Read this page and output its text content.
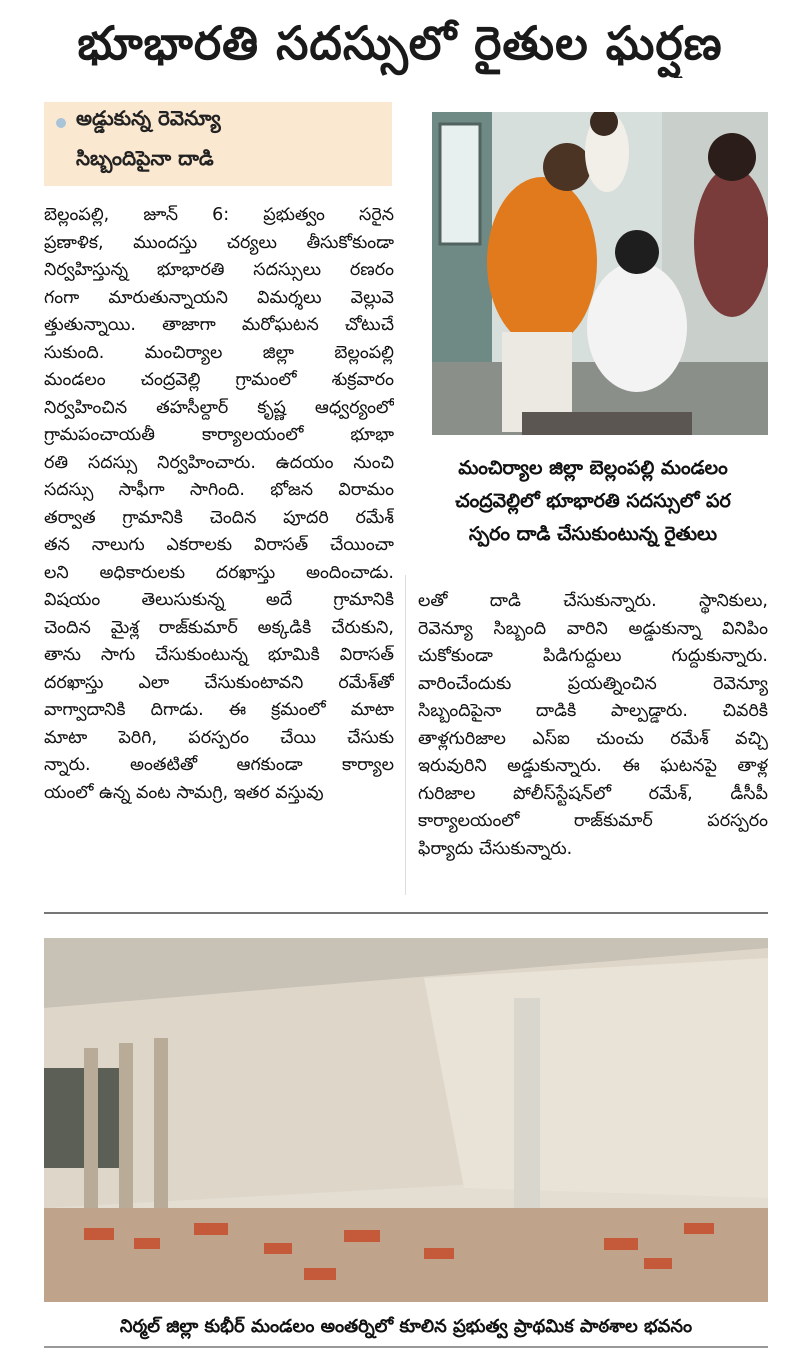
భూభారతి సదస్సులో రైతుల ఘర్షణ
అడ్డుకున్న రెవెన్యూ
సిబ్బందిపైనా దాడి
బెల్లంపల్లి, జూన్ 6: ప్రభుత్వం సరైన
ప్రణాళిక, ముందస్తు చర్యలు తీసుకోకుండా
నిర్వహిస్తున్న భూభారతి సదస్సులు రణరం
గంగా మారుతున్నాయని విమర్శలు వెల్లువె
త్తుతున్నాయి. తాజాగా మరోఘటన చోటుచే
సుకుంది. మంచిర్యాల జిల్లా బెల్లంపల్లి
మండలం చంద్రవెల్లి గ్రామంలో శుక్రవారం
నిర్వహించిన తహసీల్దార్ కృష్ణ ఆధ్వర్యంలో
గ్రామపంచాయతీ కార్యాలయంలో భూభా
రతి సదస్సు నిర్వహించారు. ఉదయం నుంచి
సదస్సు సాఫీగా సాగింది. భోజన విరామం
తర్వాత గ్రామానికి చెందిన పూదరి రమేశ్
తన నాలుగు ఎకరాలకు విరాసత్ చేయించా
లని అధికారులకు దరఖాస్తు అందించాడు.
విషయం తెలుసుకున్న అదే గ్రామానికి
చెందిన మైశ్ల రాజ్‌కుమార్ అక్కడికి చేరుకుని,
తాను సాగు చేసుకుంటున్న భూమికి విరాసత్
దరఖాస్తు ఎలా చేసుకుంటావని రమేశ్‌తో
వాగ్వాదానికి దిగాడు. ఈ క్రమంలో మాటా
మాటా పెరిగి, పరస్పరం చేయి చేసుకు
న్నారు. అంతటితో ఆగకుండా కార్యాల
యంలో ఉన్న వంట సామగ్రి, ఇతర వస్తువు
మంచిర్యాల జిల్లా బెల్లంపల్లి మండలం
చంద్రవెల్లిలో భూభారతి సదస్సులో పర
స్పరం దాడి చేసుకుంటున్న రైతులు
లతో దాడి చేసుకున్నారు. స్థానికులు,
రెవెన్యూ సిబ్బంది వారిని అడ్డుకున్నా వినిపిం
చుకోకుండా పిడిగుద్దులు గుద్దుకున్నారు.
వారించేందుకు ప్రయత్నించిన రెవెన్యూ
సిబ్బందిపైనా దాడికి పాల్పడ్డారు. చివరికి
తాళ్లగురిజాల ఎస్ఐ చుంచు రమేశ్ వచ్చి
ఇరువురిని అడ్డుకున్నారు. ఈ ఘటనపై తాళ్ల
గురిజాల పోలీస్‌స్టేషన్‌లో రమేశ్, డీసీపీ
కార్యాలయంలో రాజ్‌కుమార్ పరస్పరం
ఫిర్యాదు చేసుకున్నారు.
నిర్మల్ జిల్లా కుభీర్ మండలం అంతర్నిలో కూలిన ప్రభుత్వ ప్రాథమిక పాఠశాల భవనం
